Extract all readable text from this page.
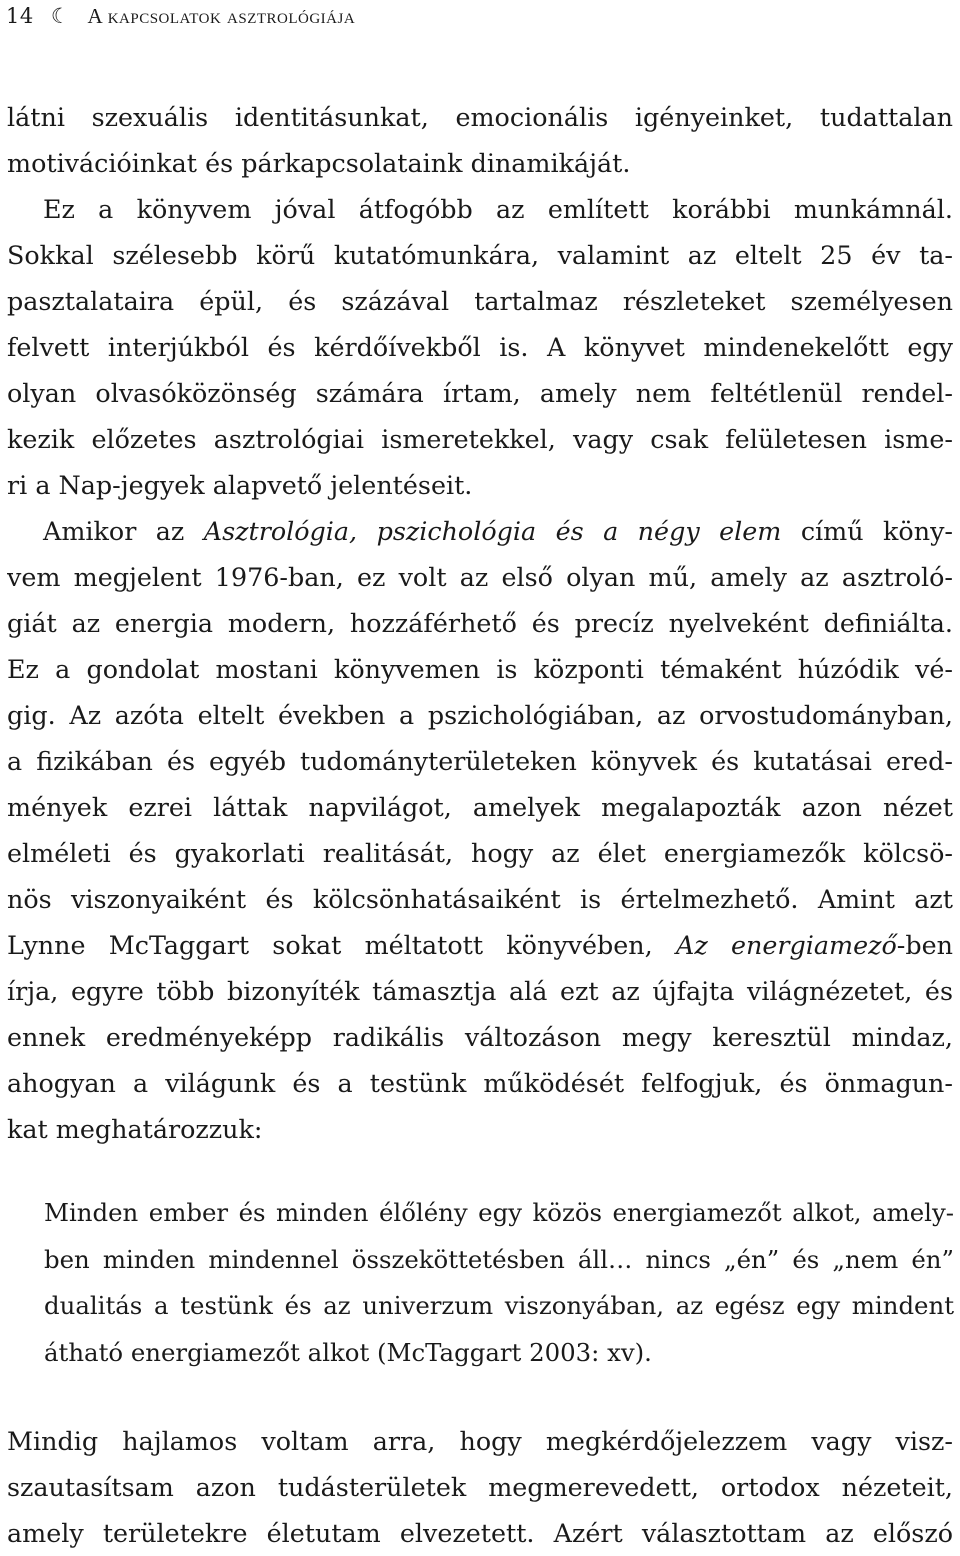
14 ☾ A kapcsolatok asztrológiája
látni szexuális identitásunkat, emocionális igényeinket, tudattalan
motivációinkat és párkapcsolataink dinamikáját.
Ez a könyvem jóval átfogóbb az említett korábbi munkámnál.
Sokkal szélesebb körű kutatómunkára, valamint az eltelt 25 év ta-
pasztalataira épül, és százával tartalmaz részleteket személyesen
felvett interjúkból és kérdőívekből is. A könyvet mindenekelőtt egy
olyan olvasóközönség számára írtam, amely nem feltétlenül rendel-
kezik előzetes asztrológiai ismeretekkel, vagy csak felületesen isme-
ri a Nap-jegyek alapvető jelentéseit.
Amikor az Asztrológia, pszichológia és a négy elem című köny-
vem megjelent 1976-ban, ez volt az első olyan mű, amely az asztroló-
giát az energia modern, hozzáférhető és precíz nyelveként definiálta.
Ez a gondolat mostani könyvemen is központi témaként húzódik vé-
gig. Az azóta eltelt években a pszichológiában, az orvostudományban,
a fizikában és egyéb tudományterületeken könyvek és kutatásai ered-
mények ezrei láttak napvilágot, amelyek megalapozták azon nézet
elméleti és gyakorlati realitását, hogy az élet energiamezők kölcsö-
nös viszonyaiként és kölcsönhatásaiként is értelmezhető. Amint azt
Lynne McTaggart sokat méltatott könyvében, Az energiamező-ben
írja, egyre több bizonyíték támasztja alá ezt az újfajta világnézetet, és
ennek eredményeképp radikális változáson megy keresztül mindaz,
ahogyan a világunk és a testünk működését felfogjuk, és önmagun-
kat meghatározzuk:
Minden ember és minden élőlény egy közös energiamezőt alkot, amely-
ben minden mindennel összeköttetésben áll… nincs „én” és „nem én”
dualitás a testünk és az univerzum viszonyában, az egész egy mindent
átható energiamezőt alkot (McTaggart 2003: xv).
Mindig hajlamos voltam arra, hogy megkérdőjelezzem vagy visz-
szautasítsam azon tudásterületek megmerevedett, ortodox nézeteit,
amely területekre életutam elvezetett. Azért választottam az előszó
